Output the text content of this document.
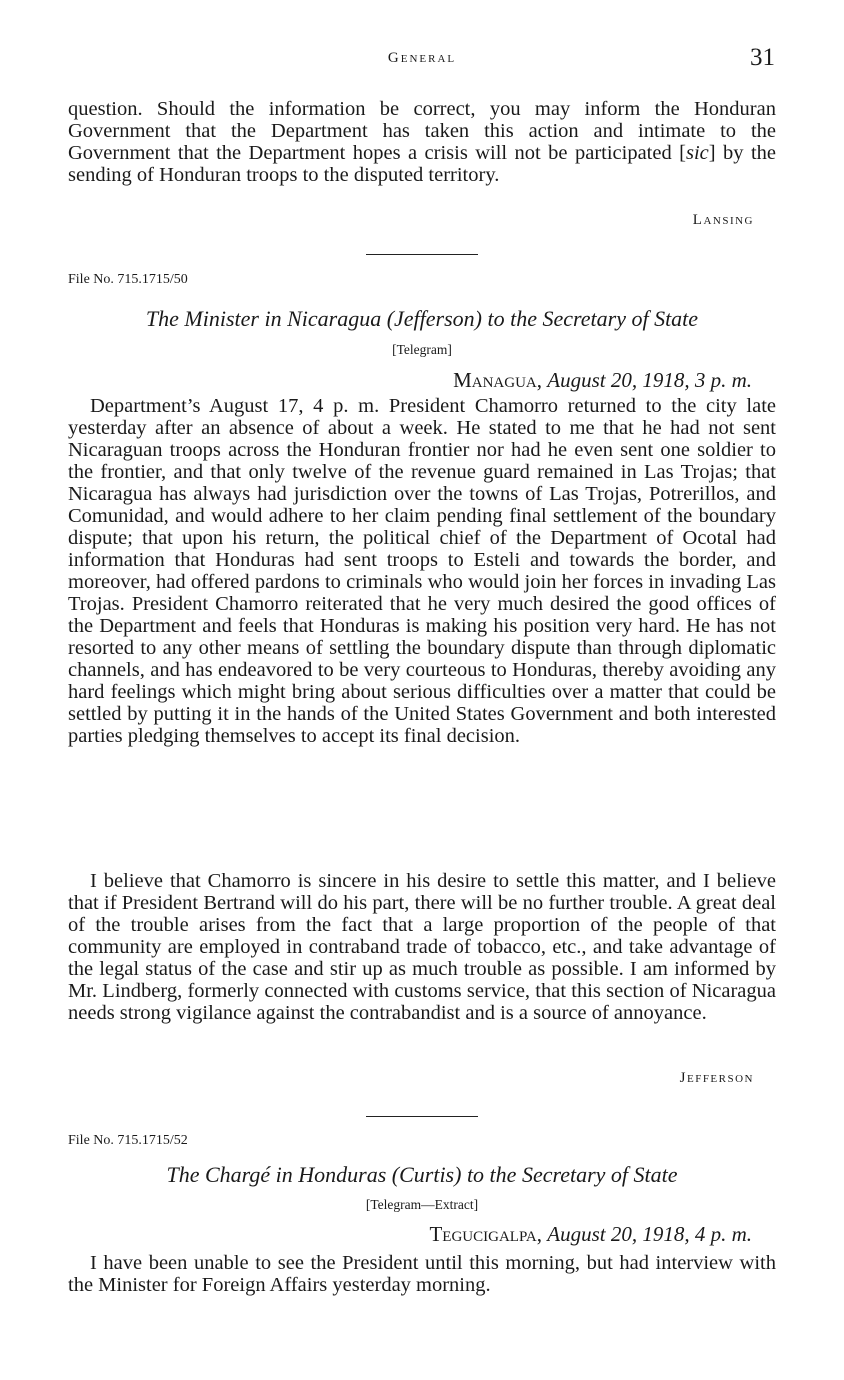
General	31

question. Should the information be correct, you may inform the Honduran Government that the Department has taken this action and intimate to the Government that the Department hopes a crisis will not be participated [sic] by the sending of Honduran troops to the disputed territory.

Lansing
File No. 715.1715/50
The Minister in Nicaragua (Jefferson) to the Secretary of State
[Telegram]
Managua, August 20, 1918, 3 p. m.

Department’s August 17, 4 p. m. President Chamorro returned to the city late yesterday after an absence of about a week. He stated to me that he had not sent Nicaraguan troops across the Honduran frontier nor had he even sent one soldier to the frontier, and that only twelve of the revenue guard remained in Las Trojas; that Nicaragua has always had jurisdiction over the towns of Las Trojas, Potrerillos, and Comunidad, and would adhere to her claim pending final settlement of the boundary dispute; that upon his return, the political chief of the Department of Ocotal had information that Honduras had sent troops to Esteli and towards the border, and moreover, had offered pardons to criminals who would join her forces in invading Las Trojas. President Chamorro reiterated that he very much desired the good offices of the Department and feels that Honduras is making his position very hard. He has not resorted to any other means of settling the boundary dispute than through diplomatic channels, and has endeavored to be very courteous to Honduras, thereby avoiding any hard feelings which might bring about serious difficulties over a matter that could be settled by putting it in the hands of the United States Government and both interested parties pledging themselves to accept its final decision.

I believe that Chamorro is sincere in his desire to settle this matter, and I believe that if President Bertrand will do his part, there will be no further trouble. A great deal of the trouble arises from the fact that a large proportion of the people of that community are employed in contraband trade of tobacco, etc., and take advantage of the legal status of the case and stir up as much trouble as possible. I am informed by Mr. Lindberg, formerly connected with customs service, that this section of Nicaragua needs strong vigilance against the contrabandist and is a source of annoyance.

Jefferson
File No. 715.1715/52
The Chargé in Honduras (Curtis) to the Secretary of State
[Telegram—Extract]
Tegucigalpa, August 20, 1918, 4 p. m.

I have been unable to see the President until this morning, but had interview with the Minister for Foreign Affairs yesterday morning.
